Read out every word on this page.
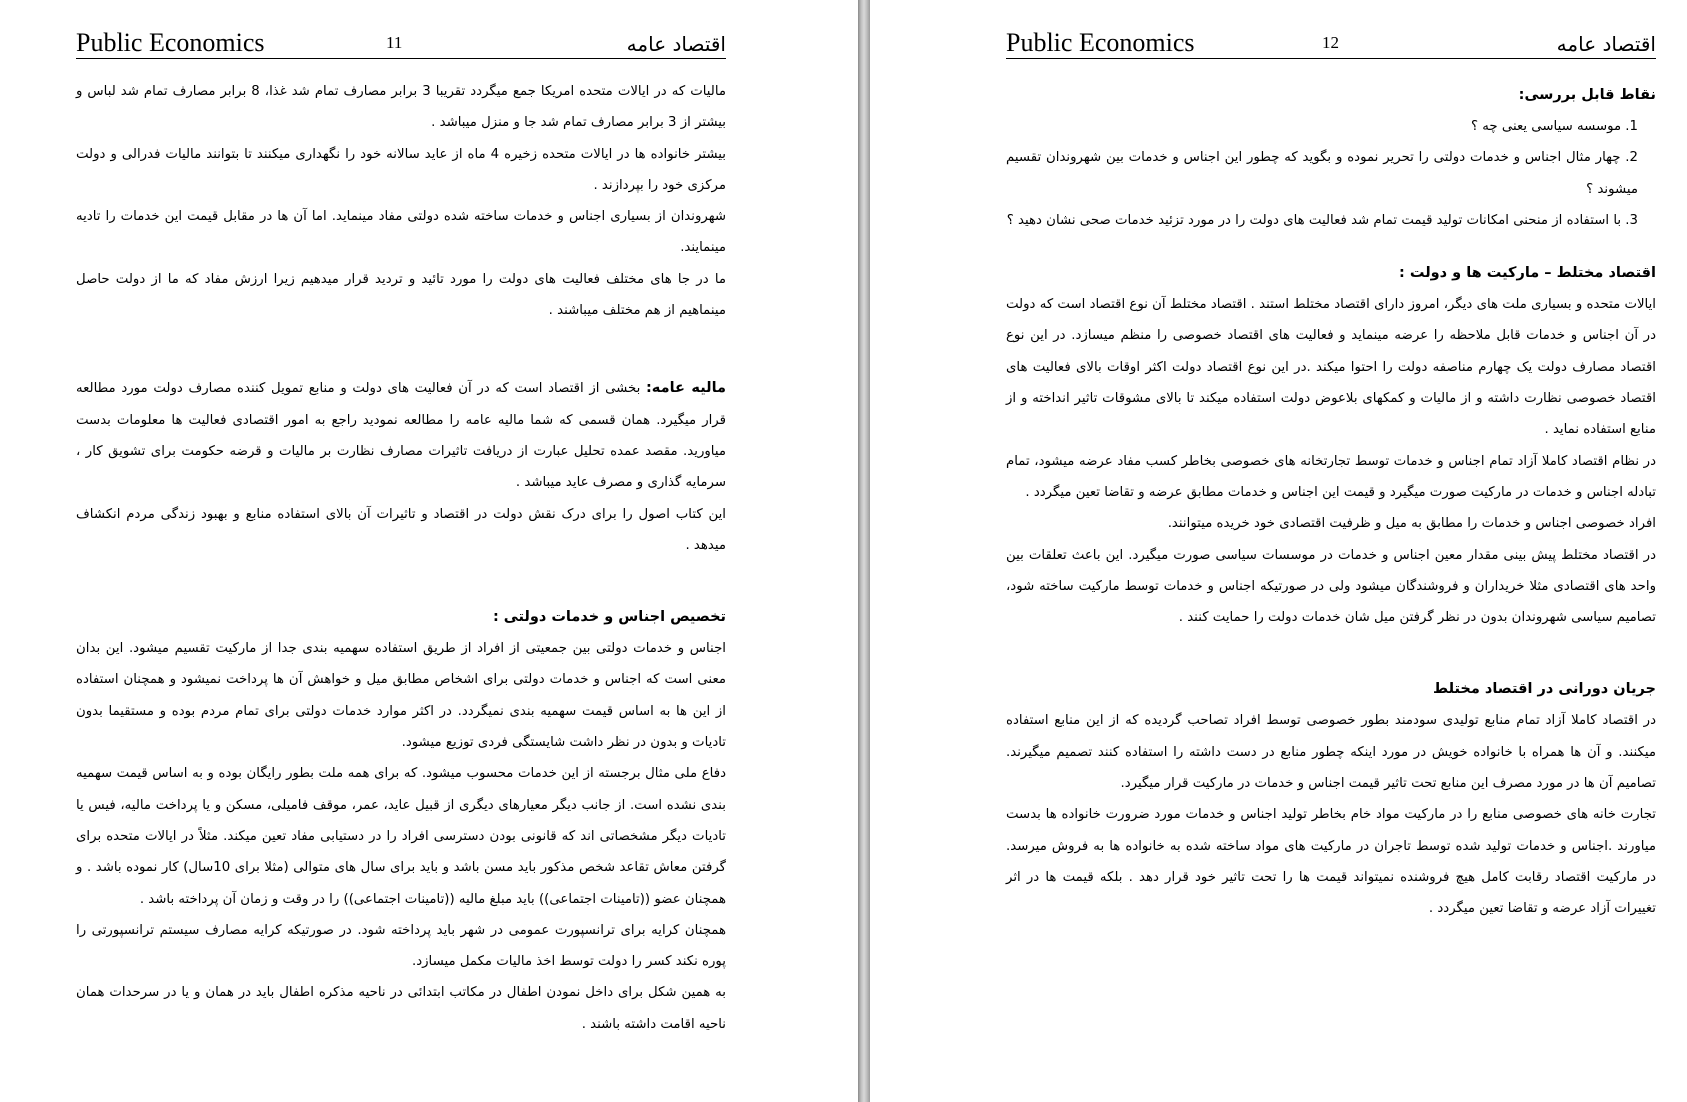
Public Economics	11	اقتصاد عامه

مالیات که در ایالات متحده امریکا جمع میگردد تقریبا 3 برابر مصارف تمام شد غذا، 8 برابر مصارف تمام شد لباس و بیشتر از 3 برابر مصارف تمام شد جا و منزل میباشد .

بیشتر خانواده ها در ایالات متحده زخیره 4 ماه از عاید سالانه خود را نگهداری میکنند تا بتوانند مالیات فدرالی و دولت مرکزی خود را بپردازند .

شهروندان از بسیاری اجناس و خدمات ساخته شده دولتی مفاد مینماید. اما آن ها در مقابل قیمت این خدمات را تادیه مینمایند.

ما در جا های مختلف فعالیت های دولت را مورد تائید و تردید قرار میدهیم زیرا ارزش مفاد که ما از دولت حاصل مینماهیم از هم مختلف میباشند .

مالیه عامه: بخشی از اقتصاد است که در آن فعالیت های دولت و منابع تمویل کننده مصارف دولت مورد مطالعه قرار میگیرد. همان قسمی که شما مالیه عامه را مطالعه نمودید راجع به امور اقتصادی فعالیت ها معلومات بدست میاورید. مقصد عمده تحلیل عبارت از دریافت تاثیرات مصارف نظارت بر مالیات و قرضه حکومت برای تشویق کار ، سرمایه گذاری و مصرف عاید میباشد .

این کتاب اصول را برای درک نقش دولت در اقتصاد و تاثیرات آن بالای استفاده منابع و بهبود زندگی مردم انکشاف میدهد .

تخصیص اجناس و خدمات دولتی :

اجناس و خدمات دولتی بین جمعیتی از افراد از طریق استفاده سهمیه بندی جدا از مارکیت تقسیم میشود. این بدان معنی است که اجناس و خدمات دولتی برای اشخاص مطابق میل و خواهش آن ها پرداخت نمیشود و همچنان استفاده از این ها به اساس قیمت سهمیه بندی نمیگردد. در اکثر موارد خدمات دولتی برای تمام مردم بوده و مستقیما بدون تادیات و بدون در نظر داشت شایستگی فردی توزیع میشود.

دفاع ملی مثال برجسته از این خدمات محسوب میشود. که برای همه ملت بطور رایگان بوده و به اساس قیمت سهمیه بندی نشده است. از جانب دیگر معیارهای دیگری از قبیل عاید، عمر، موقف فامیلی، مسکن و یا پرداخت مالیه، فیس یا تادیات دیگر مشخصاتی اند که قانونی بودن دسترسی افراد را در دستیابی مفاد تعین میکند. مثلاً در ایالات متحده برای گرفتن معاش تقاعد شخص مذکور باید مسن باشد و باید برای سال های متوالی (مثلا برای 10سال) کار نموده باشد . و همچنان عضو ((تامینات اجتماعی)) باید مبلغ مالیه ((تامینات اجتماعی)) را در وقت و زمان آن پرداخته باشد .

همچنان کرایه برای ترانسپورت عمومی در شهر باید پرداخته شود. در صورتیکه کرایه مصارف سیستم ترانسپورتی را پوره نکند کسر را دولت توسط اخذ مالیات مکمل میسازد.

به همین شکل برای داخل نمودن اطفال در مکاتب ابتدائی در ناحیه مذکره اطفال باید در همان و یا در سرحدات همان ناحیه اقامت داشته باشند .

Public Economics	12	اقتصاد عامه

نقاط قابل بررسی:

1. موسسه سیاسی یعنی چه ؟
2. چهار مثال اجناس و خدمات دولتی را تحریر نموده و بگوید که چطور این اجناس و خدمات بین شهروندان تقسیم میشوند ؟
3. با استفاده از منحنی امکانات تولید قیمت تمام شد فعالیت های دولت را در مورد تزئید خدمات صحی نشان دهید ؟

اقتصاد مختلط – مارکیت ها و دولت :

ایالات متحده و بسیاری ملت های دیگر، امروز دارای اقتصاد مختلط استند . اقتصاد مختلط آن نوع اقتصاد است که دولت در آن اجناس و خدمات قابل ملاحظه را عرضه مینماید و فعالیت های اقتصاد خصوصی را منظم میسازد. در این نوع اقتصاد مصارف دولت یک چهارم مناصفه دولت را احتوا میکند .در این نوع اقتصاد دولت اکثر اوقات بالای فعالیت های اقتصاد خصوصی نظارت داشته و از مالیات و کمکهای بلاعوض دولت استفاده میکند تا بالای مشوقات تاثیر انداخته و از منابع استفاده نماید .

در نظام اقتصاد کاملا آزاد تمام اجناس و خدمات توسط تجارتخانه های خصوصی بخاطر کسب مفاد عرضه میشود، تمام تبادله اجناس و خدمات در مارکیت صورت میگیرد و قیمت این اجناس و خدمات مطابق عرضه و تقاضا تعین میگردد .

افراد خصوصی اجناس و خدمات را مطابق به میل و ظرفیت اقتصادی خود خریده میتوانند.

در اقتصاد مختلط پیش بینی مقدار معین اجناس و خدمات در موسسات سیاسی صورت میگیرد. این باعث تعلقات بین واحد های اقتصادی مثلا خریداران و فروشندگان میشود ولی در صورتیکه اجناس و خدمات توسط مارکیت ساخته شود، تصامیم سیاسی شهروندان بدون در نظر گرفتن میل شان خدمات دولت را حمایت کنند .

جریان دورانی در اقتصاد مختلط

در اقتصاد کاملا آزاد تمام منابع تولیدی سودمند بطور خصوصی توسط افراد تصاحب گردیده که از این منابع استفاده میکنند. و آن ها همراه با خانواده خویش در مورد اینکه چطور منابع در دست داشته را استفاده کنند تصمیم میگیرند. تصامیم آن ها در مورد مصرف این منابع تحت تاثیر قیمت اجناس و خدمات در مارکیت قرار میگیرد.

تجارت خانه های خصوصی منابع را در مارکیت مواد خام بخاطر تولید اجناس و خدمات مورد ضرورت خانواده ها بدست میاورند .اجناس و خدمات تولید شده توسط تاجران در مارکیت های مواد ساخته شده به خانواده ها به فروش میرسد. در مارکیت اقتصاد رقابت کامل هیچ فروشنده نمیتواند قیمت ها را تحت تاثیر خود قرار دهد . بلکه قیمت ها در اثر تغییرات آزاد عرضه و تقاضا تعین میگردد .
